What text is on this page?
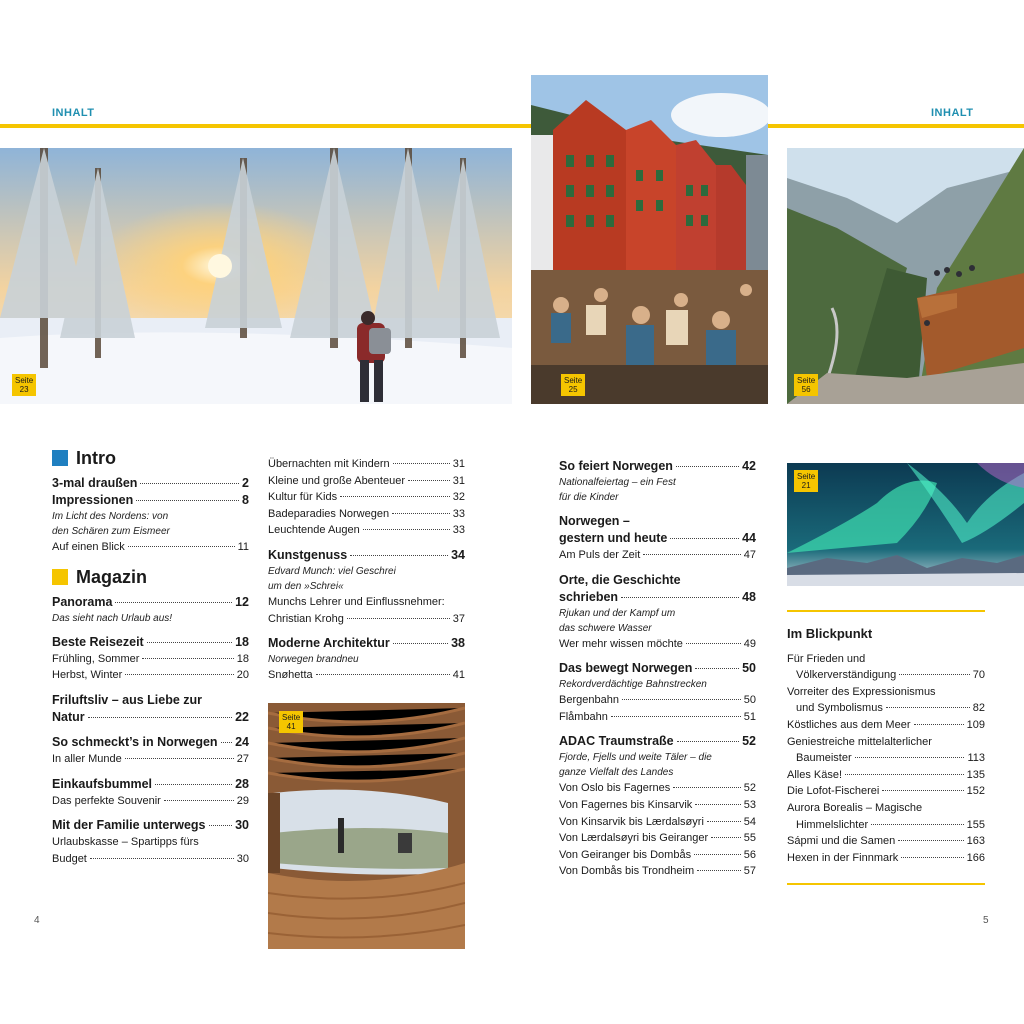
INHALT	INHALT
Seite
23
Seite
25
Seite
56
Seite
21
Seite
41
Intro
3-mal draußen	2
Impressionen	8
Im Licht des Nordens: von
den Schären zum Eismeer
Auf einen Blick	11
Magazin
Panorama	12
Das sieht nach Urlaub aus!
Beste Reisezeit	18
Frühling, Sommer	18
Herbst, Winter	20
Friluftsliv – aus Liebe zur
Natur	22
So schmeckt’s in Norwegen 24
In aller Munde	27
Einkaufsbummel	28
Das perfekte Souvenir	29
Mit der Familie unterwegs 30
Urlaubskasse – Spartipps fürs
Budget	30
Übernachten mit Kindern	31
Kleine und große Abenteuer	31
Kultur für Kids	32
Badeparadies Norwegen	33
Leuchtende Augen	33
Kunstgenuss	34
Edvard Munch: viel Geschrei
um den »Schrei«
Munchs Lehrer und Einflussnehmer:
Christian Krohg	37
Moderne Architektur	38
Norwegen brandneu
Snøhetta	41
So feiert Norwegen	42
Nationalfeiertag – ein Fest
für die Kinder
Norwegen –
gestern und heute	44
Am Puls der Zeit	47
Orte, die Geschichte
schrieben	48
Rjukan und der Kampf um
das schwere Wasser
Wer mehr wissen möchte	49
Das bewegt Norwegen	50
Rekordverdächtige Bahnstrecken
Bergenbahn	50
Flåmbahn	51
ADAC Traumstraße	52
Fjorde, Fjells und weite Täler – die
ganze Vielfalt des Landes
Von Oslo bis Fagernes	52
Von Fagernes bis Kinsarvik	53
Von Kinsarvik bis Lærdalsøyri	54
Von Lærdalsøyri bis Geiranger	55
Von Geiranger bis Dombås	56
Von Dombås bis Trondheim	57
Im Blickpunkt
Für Frieden und
Völkerverständigung	70
Vorreiter des Expressionismus
und Symbolismus	82
Köstliches aus dem Meer	109
Geniestreiche mittelalterlicher
Baumeister	113
Alles Käse!	135
Die Lofot-Fischerei	152
Aurora Borealis – Magische
Himmelslichter	155
Sápmi und die Samen	163
Hexen in der Finnmark	166
4	5
